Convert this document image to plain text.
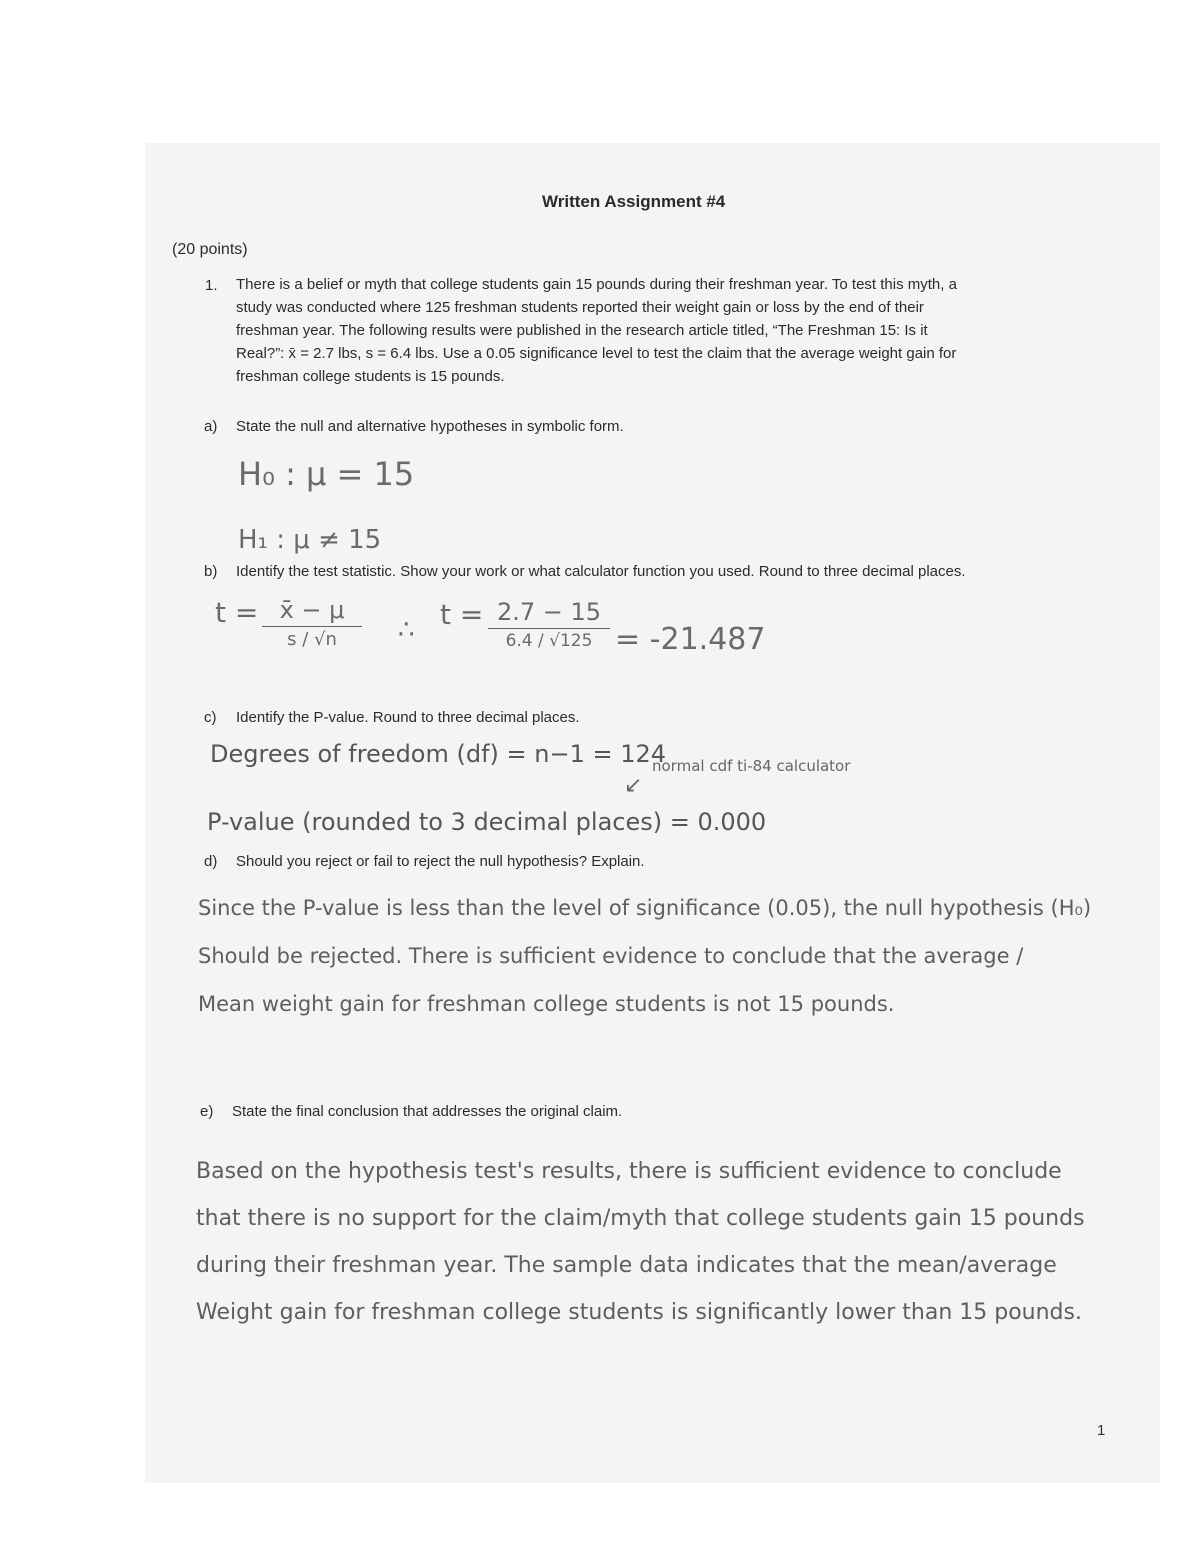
Written Assignment #4
(20 points)
1. There is a belief or myth that college students gain 15 pounds during their freshman year. To test this myth, a
study was conducted where 125 freshman students reported their weight gain or loss by the end of their
freshman year. The following results were published in the research article titled, “The Freshman 15: Is it
Real?”: x̄ = 2.7 lbs, s = 6.4 lbs. Use a 0.05 significance level to test the claim that the average weight gain for
freshman college students is 15 pounds.
a) State the null and alternative hypotheses in symbolic form.
H₀ : μ = 15
H₁ : μ ≠ 15
b) Identify the test statistic. Show your work or what calculator function you used. Round to three decimal places.
t = x̄ − μ
s / √n	∴ t = 2.7 − 15
6.4 / √125 = -21.487
c) Identify the P-value. Round to three decimal places.
Degrees of freedom (df) = n−1 = 124
normal cdf ti-84 calculator
↙
P-value (rounded to 3 decimal places) = 0.000
d) Should you reject or fail to reject the null hypothesis? Explain.
Since the P-value is less than the level of significance (0.05), the null hypothesis (H₀)
Should be rejected. There is sufficient evidence to conclude that the average /
Mean weight gain for freshman college students is not 15 pounds.
e) State the final conclusion that addresses the original claim.
Based on the hypothesis test's results, there is sufficient evidence to conclude
that there is no support for the claim/myth that college students gain 15 pounds
during their freshman year. The sample data indicates that the mean/average
Weight gain for freshman college students is significantly lower than 15 pounds.
1
